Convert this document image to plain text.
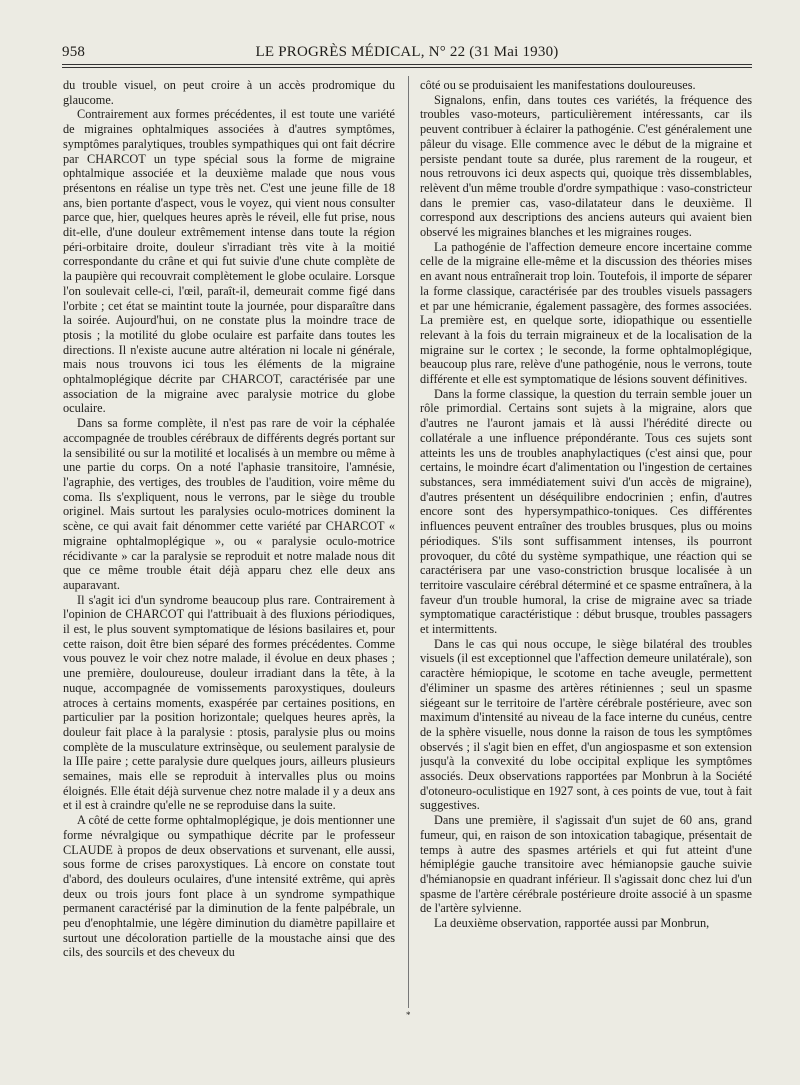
958	LE PROGRÈS MÉDICAL, N° 22 (31 Mai 1930)

du trouble visuel, on peut croire à un accès prodromique du glaucome.

Contrairement aux formes précédentes, il est toute une variété de migraines ophtalmiques associées à d'autres symptômes, symptômes paralytiques, troubles sympathiques qui ont fait décrire par CHARCOT un type spécial sous la forme de migraine ophtalmique associée et la deuxième malade que nous vous présentons en réalise un type très net. C'est une jeune fille de 18 ans, bien portante d'aspect, vous le voyez, qui vient nous consulter parce que, hier, quelques heures après le réveil, elle fut prise, nous dit-elle, d'une douleur extrêmement intense dans toute la région péri-orbitaire droite, douleur s'irradiant très vite à la moitié correspondante du crâne et qui fut suivie d'une chute complète de la paupière qui recouvrait complètement le globe oculaire. Lorsque l'on soulevait celle-ci, l'œil, paraît-il, demeurait comme figé dans l'orbite ; cet état se maintint toute la journée, pour disparaître dans la soirée. Aujourd'hui, on ne constate plus la moindre trace de ptosis ; la motilité du globe oculaire est parfaite dans toutes les directions. Il n'existe aucune autre altération ni locale ni générale, mais nous trouvons ici tous les éléments de la migraine ophtalmoplégique décrite par CHARCOT, caractérisée par une association de la migraine avec paralysie motrice du globe oculaire.

Dans sa forme complète, il n'est pas rare de voir la céphalée accompagnée de troubles cérébraux de différents degrés portant sur la sensibilité ou sur la motilité et localisés à un membre ou même à une partie du corps. On a noté l'aphasie transitoire, l'amnésie, l'agraphie, des vertiges, des troubles de l'audition, voire même du coma. Ils s'expliquent, nous le verrons, par le siège du trouble originel. Mais surtout les paralysies oculo-motrices dominent la scène, ce qui avait fait dénommer cette variété par CHARCOT « migraine ophtalmoplégique », ou « paralysie oculo-motrice récidivante » car la paralysie se reproduit et notre malade nous dit que ce même trouble était déjà apparu chez elle deux ans auparavant.

Il s'agit ici d'un syndrome beaucoup plus rare. Contrairement à l'opinion de CHARCOT qui l'attribuait à des fluxions périodiques, il est, le plus souvent symptomatique de lésions basilaires et, pour cette raison, doit être bien séparé des formes précédentes. Comme vous pouvez le voir chez notre malade, il évolue en deux phases ; une première, douloureuse, douleur irradiant dans la tête, à la nuque, accompagnée de vomissements paroxystiques, douleurs atroces à certains moments, exaspérée par certaines positions, en particulier par la position horizontale; quelques heures après, la douleur fait place à la paralysie : ptosis, paralysie plus ou moins complète de la musculature extrinsèque, ou seulement paralysie de la IIIe paire ; cette paralysie dure quelques jours, ailleurs plusieurs semaines, mais elle se reproduit à intervalles plus ou moins éloignés. Elle était déjà survenue chez notre malade il y a deux ans et il est à craindre qu'elle ne se reproduise dans la suite.

A côté de cette forme ophtalmoplégique, je dois mentionner une forme névralgique ou sympathique décrite par le professeur CLAUDE à propos de deux observations et survenant, elle aussi, sous forme de crises paroxystiques. Là encore on constate tout d'abord, des douleurs oculaires, d'une intensité extrême, qui après deux ou trois jours font place à un syndrome sympathique permanent caractérisé par la diminution de la fente palpébrale, un peu d'enophtalmie, une légère diminution du diamètre papillaire et surtout une décoloration partielle de la moustache ainsi que des cils, des sourcils et des cheveux du

côté ou se produisaient les manifestations douloureuses.

Signalons, enfin, dans toutes ces variétés, la fréquence des troubles vaso-moteurs, particulièrement intéressants, car ils peuvent contribuer à éclairer la pathogénie. C'est généralement une pâleur du visage. Elle commence avec le début de la migraine et persiste pendant toute sa durée, plus rarement de la rougeur, et nous retrouvons ici deux aspects qui, quoique très dissemblables, relèvent d'un même trouble d'ordre sympathique : vaso-constricteur dans le premier cas, vaso-dilatateur dans le deuxième. Il correspond aux descriptions des anciens auteurs qui avaient bien observé les migraines blanches et les migraines rouges.

La pathogénie de l'affection demeure encore incertaine comme celle de la migraine elle-même et la discussion des théories mises en avant nous entraînerait trop loin. Toutefois, il importe de séparer la forme classique, caractérisée par des troubles visuels passagers et par une hémicranie, également passagère, des formes associées. La première est, en quelque sorte, idiopathique ou essentielle relevant à la fois du terrain migraineux et de la localisation de la migraine sur le cortex ; le seconde, la forme ophtalmoplégique, beaucoup plus rare, relève d'une pathogénie, nous le verrons, toute différente et elle est symptomatique de lésions souvent définitives.

Dans la forme classique, la question du terrain semble jouer un rôle primordial. Certains sont sujets à la migraine, alors que d'autres ne l'auront jamais et là aussi l'hérédité directe ou collatérale a une influence prépondérante. Tous ces sujets sont atteints les uns de troubles anaphylactiques (c'est ainsi que, pour certains, le moindre écart d'alimentation ou l'ingestion de certaines substances, sera immédiatement suivi d'un accès de migraine), d'autres présentent un déséquilibre endocrinien ; enfin, d'autres encore sont des hypersympathico-toniques. Ces différentes influences peuvent entraîner des troubles brusques, plus ou moins périodiques. S'ils sont suffisamment intenses, ils pourront provoquer, du côté du système sympathique, une réaction qui se caractérisera par une vaso-constriction brusque localisée à un territoire vasculaire cérébral déterminé et ce spasme entraînera, à la faveur d'un trouble humoral, la crise de migraine avec sa triade symptomatique caractéristique : début brusque, troubles passagers et intermittents.

Dans le cas qui nous occupe, le siège bilatéral des troubles visuels (il est exceptionnel que l'affection demeure unilatérale), son caractère hémiopique, le scotome en tache aveugle, permettent d'éliminer un spasme des artères rétiniennes ; seul un spasme siégeant sur le territoire de l'artère cérébrale postérieure, avec son maximum d'intensité au niveau de la face interne du cunéus, centre de la sphère visuelle, nous donne la raison de tous les symptômes observés ; il s'agit bien en effet, d'un angiospasme et son extension jusqu'à la convexité du lobe occipital explique les symptômes associés. Deux observations rapportées par Monbrun à la Société d'otoneuro-oculistique en 1927 sont, à ces points de vue, tout à fait suggestives.

Dans une première, il s'agissait d'un sujet de 60 ans, grand fumeur, qui, en raison de son intoxication tabagique, présentait de temps à autre des spasmes artériels et qui fut atteint d'une hémiplégie gauche transitoire avec hémianopsie gauche suivie d'hémianopsie en quadrant inférieur. Il s'agissait donc chez lui d'un spasme de l'artère cérébrale postérieure droite associé à un spasme de l'artère sylvienne.

La deuxième observation, rapportée aussi par Monbrun,

*
